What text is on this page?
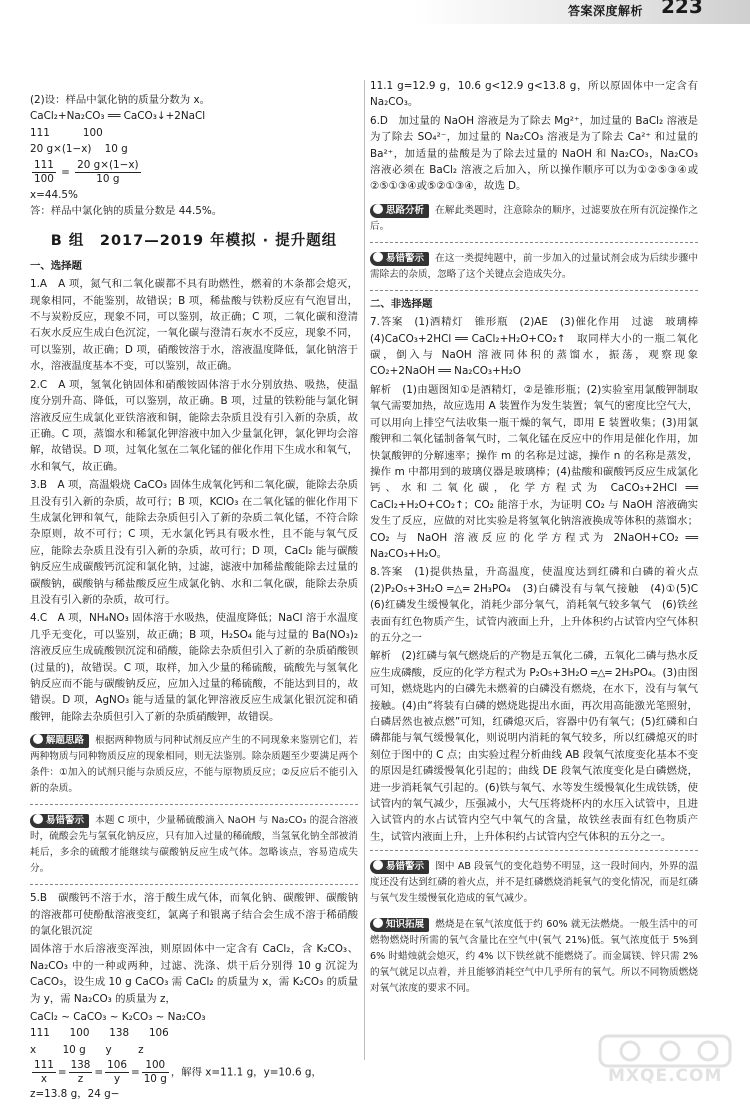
答案深度解析 223

(2)设：样品中氯化钠的质量分数为 x。

CaCl₂+Na₂CO₃ ══ CaCO₃↓+2NaCl

111          100

20 g×(1−x)    10 g

$\frac{111}{100} = \frac{20 g\times(1-x)}{10 g}$

x=44.5%

答：样品中氯化钠的质量分数是 44.5%。

B 组　2017—2019 年模拟 · 提升题组

一、选择题

1.A　A 项，氮气和二氧化碳都不具有助燃性，燃着的木条都会熄灭，现象相同，不能鉴别，故错误；B 项，稀盐酸与铁粉反应有气泡冒出，不与炭粉反应，现象不同，可以鉴别，故正确；C 项，二氧化碳和澄清石灰水反应生成白色沉淀，一氧化碳与澄清石灰水不反应，现象不同，可以鉴别，故正确；D 项，硝酸铵溶于水，溶液温度降低，氯化钠溶于水，溶液温度基本不变，可以鉴别，故正确。

2.C　A 项，氢氧化钠固体和硝酸铵固体溶于水分别放热、吸热，使温度分别升高、降低，可以鉴别，故正确。B 项，过量的铁粉能与氯化铜溶液反应生成氯化亚铁溶液和铜，能除去杂质且没有引入新的杂质，故正确。C 项，蒸馏水和稀氯化钾溶液中加入少量氯化钾，氯化钾均会溶解，故错误。D 项，过氧化氢在二氧化锰的催化作用下生成水和氧气，水和氧气，故正确。

3.B　A 项，高温煅烧 CaCO₃ 固体生成氧化钙和二氧化碳，能除去杂质且没有引入新的杂质，故可行；B 项，KClO₃ 在二氧化锰的催化作用下生成氯化钾和氧气，能除去杂质但引入了新的杂质二氧化锰，不符合除杂原则，故不可行；C 项，无水氯化钙具有吸水性，且不能与氧气反应，能除去杂质且没有引入新的杂质，故可行；D 项，CaCl₂ 能与碳酸钠反应生成碳酸钙沉淀和氯化钠，过滤，滤液中加稀盐酸能除去过量的碳酸钠，碳酸钠与稀盐酸反应生成氯化钠、水和二氧化碳，能除去杂质且没有引入新的杂质，故可行。

4.C　A 项，NH₄NO₃ 固体溶于水吸热，使温度降低；NaCl 溶于水温度几乎无变化，可以鉴别，故正确；B 项，H₂SO₄ 能与过量的 Ba(NO₃)₂ 溶液反应生成硫酸钡沉淀和硝酸，能除去杂质但引入了新的杂质硝酸钡(过量的)，故错误。C 项，取样，加入少量的稀硫酸，硫酸先与氢氧化钠反应而不能与碳酸钠反应，应加入过量的稀硫酸，不能达到目的，故错误。D 项，AgNO₃ 能与适量的氯化钾溶液反应生成氯化银沉淀和硝酸钾，能除去杂质但引入了新的杂质硝酸钾，故错误。

解题思路 根据两种物质与同种试剂反应产生的不同现象来鉴别它们，若两种物质与同种物质反应的现象相同，则无法鉴别。除杂质题至少要满足两个条件：①加入的试剂只能与杂质反应，不能与原物质反应；②反应后不能引入新的杂质。
易错警示 本题 C 项中，少量稀硫酸滴入 NaOH 与 Na₂CO₃ 的混合溶液时，硫酸会先与氢氧化钠反应，只有加入过量的稀硫酸，当氢氧化钠全部被消耗后，多余的硫酸才能继续与碳酸钠反应生成气体。忽略该点，容易造成失分。

5.B　碳酸钙不溶于水，溶于酸生成气体，而氧化钠、碳酸钾、碳酸钠的溶液都可使酚酞溶液变红，氯离子和银离子结合会生成不溶于稀硝酸的氯化银沉淀

固体溶于水后溶液变浑浊，则原固体中一定含有 CaCl₂，含 K₂CO₃、Na₂CO₃ 中的一种或两种，过滤、洗涤、烘干后分别得 10 g 沉淀为 CaCO₃，设生成 10 g CaCO₃ 需 CaCl₂ 的质量为 x，需 K₂CO₃ 的质量为 y，需 Na₂CO₃ 的质量为 z，

CaCl₂ ~ CaCO₃ ~ K₂CO₃ ~ Na₂CO₃

111      100      138      106

x        10 g      y        z

$\frac{111}{x} = \frac{138}{z} = \frac{106}{y} = \frac{100}{10 g}$ ，解得 x=11.1 g，y=10.6 g，z=13.8 g，24 g−

11.1 g=12.9 g，10.6 g<12.9 g<13.8 g，所以原固体中一定含有 Na₂CO₃。

6.D　加过量的 NaOH 溶液是为了除去 Mg²⁺，加过量的 BaCl₂ 溶液是为了除去 SO₄²⁻，加过量的 Na₂CO₃ 溶液是为了除去 Ca²⁺ 和过量的 Ba²⁺，加适量的盐酸是为了除去过量的 NaOH 和 Na₂CO₃，Na₂CO₃ 溶液必须在 BaCl₂ 溶液之后加入，所以操作顺序可以为①②⑤③④或②⑤①③④或⑤②①③④，故选 D。

思路分析 在解此类题时，注意除杂的顺序，过滤要放在所有沉淀操作之后。
易错警示 在这一类提纯题中，前一步加入的过量试剂会成为后续步骤中需除去的杂质，忽略了这个关键点会造成失分。

二、非选择题

7.答案　(1)酒精灯　锥形瓶　(2)AE　(3)催化作用　过滤　玻璃棒　(4)CaCO₃+2HCl ══ CaCl₂+H₂O+CO₂↑　取同样大小的一瓶二氧化碳，倒入与 NaOH 溶液同体积的蒸馏水，振荡，观察现象　CO₂+2NaOH ══ Na₂CO₃+H₂O

解析　(1)由题图知①是酒精灯，②是锥形瓶；(2)实验室用氯酸钾制取氧气需要加热，故应选用 A 装置作为发生装置；氧气的密度比空气大，可以用向上排空气法收集一瓶干燥的氧气，即用 E 装置收集；(3)用氯酸钾和二氧化锰制备氧气时，二氧化锰在反应中的作用是催化作用，加快氯酸钾的分解速率；操作 m 的名称是过滤，操作 n 的名称是蒸发，操作 m 中都用到的玻璃仪器是玻璃棒；(4)盐酸和碳酸钙反应生成氯化钙、水和二氧化碳，化学方程式为 CaCO₃+2HCl ══ CaCl₂+H₂O+CO₂↑；CO₂ 能溶于水，为证明 CO₂ 与 NaOH 溶液确实发生了反应，应做的对比实验是将氢氧化钠溶液换成等体积的蒸馏水；CO₂ 与 NaOH 溶液反应的化学方程式为 2NaOH+CO₂ ══ Na₂CO₃+H₂O。

8.答案　(1)提供热量，升高温度，使温度达到红磷和白磷的着火点　(2)P₂O₅+3H₂O ═△═ 2H₃PO₄　(3)白磷没有与氧气接触　(4)①(5)C　(6)红磷发生缓慢氧化，消耗少部分氧气，消耗氧气较多氧气　(6)铁丝表面有红色物质产生，试管内液面上升，上升体积约占试管内空气体积的五分之一

解析　(2)红磷与氧气燃烧后的产物是五氧化二磷，五氧化二磷与热水反应生成磷酸，反应的化学方程式为 P₂O₅+3H₂O ═△═ 2H₃PO₄。(3)由图可知，燃烧匙内的白磷先未燃着的白磷没有燃烧，在水下，没有与氧气接触。(4)由“将装有白磷的燃烧匙提出水面，再次用高能激光笔照射，白磷居然也被点燃”可知，红磷熄灭后，容器中仍有氧气；(5)红磷和白磷都能与氧气缓慢氧化，则说明内消耗的氧气较多，所以红磷熄灭的时刻位于图中的 C 点；由实验过程分析曲线 AB 段氧气浓度变化基本不变的原因是红磷缓慢氧化引起的；曲线 DE 段氧气浓度变化是白磷燃烧，进一步消耗氧气引起的。(6)铁与氧气、水等发生缓慢氧化生成铁锈，使试管内的氧气减少，压强减小，大气压将烧杯内的水压入试管中，且进入试管内的水占试管内空气中氧气的含量，故铁丝表面有红色物质产生，试管内液面上升，上升体积约占试管内空气体积的五分之一。

易错警示 图中 AB 段氧气的变化趋势不明显，这一段时间内，外界的温度还没有达到红磷的着火点，并不是红磷燃烧消耗氧气的变化情况，而是红磷与氧气发生缓慢氧化造成的氧气减少。
知识拓展 燃烧是在氧气浓度低于约 60% 就无法燃烧。一般生活中的可燃物燃烧时所需的氧气含量比在空气中(氧气 21%)低。氧气浓度低于 5%到 6% 时蜡烛就会熄灭，约 4% 以下铁丝就不能燃烧了。而金属镁、锌只需 2% 的氧气就足以点着，并且能够消耗空气中几乎所有的氧气。所以不同物质燃烧对氧气浓度的要求不同。
MXQE.COM
